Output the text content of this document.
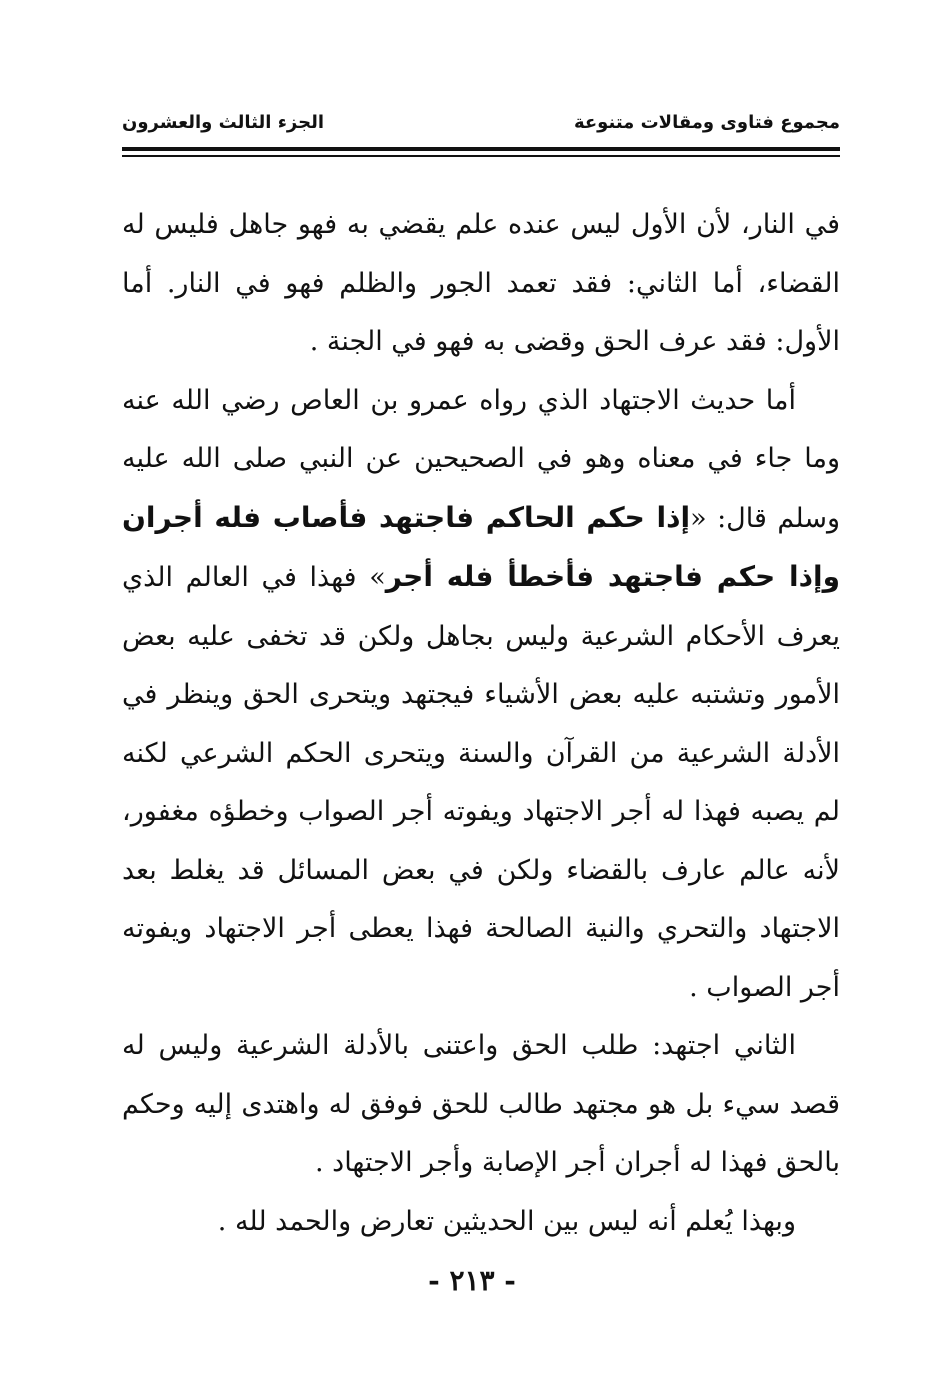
مجموع فتاوى ومقالات متنوعة
الجزء الثالث والعشرون

في النار، لأن الأول ليس عنده علم يقضي به فهو جاهل فليس له القضاء، أما الثاني: فقد تعمد الجور والظلم فهو في النار. أما الأول: فقد عرف الحق وقضى به فهو في الجنة .

أما حديث الاجتهاد الذي رواه عمرو بن العاص رضي الله عنه وما جاء في معناه وهو في الصحيحين عن النبي صلى الله عليه وسلم قال: «إذا حكم الحاكم فاجتهد فأصاب فله أجران وإذا حكم فاجتهد فأخطأ فله أجر» فهذا في العالم الذي يعرف الأحكام الشرعية وليس بجاهل ولكن قد تخفى عليه بعض الأمور وتشتبه عليه بعض الأشياء فيجتهد ويتحرى الحق وينظر في الأدلة الشرعية من القرآن والسنة ويتحرى الحكم الشرعي لكنه لم يصبه فهذا له أجر الاجتهاد ويفوته أجر الصواب وخطؤه مغفور، لأنه عالم عارف بالقضاء ولكن في بعض المسائل قد يغلط بعد الاجتهاد والتحري والنية الصالحة فهذا يعطى أجر الاجتهاد ويفوته أجر الصواب .

الثاني اجتهد: طلب الحق واعتنى بالأدلة الشرعية وليس له قصد سيء بل هو مجتهد طالب للحق فوفق له واهتدى إليه وحكم بالحق فهذا له أجران أجر الإصابة وأجر الاجتهاد .

وبهذا يُعلم أنه ليس بين الحديثين تعارض والحمد لله .

- ٢١٣ -
